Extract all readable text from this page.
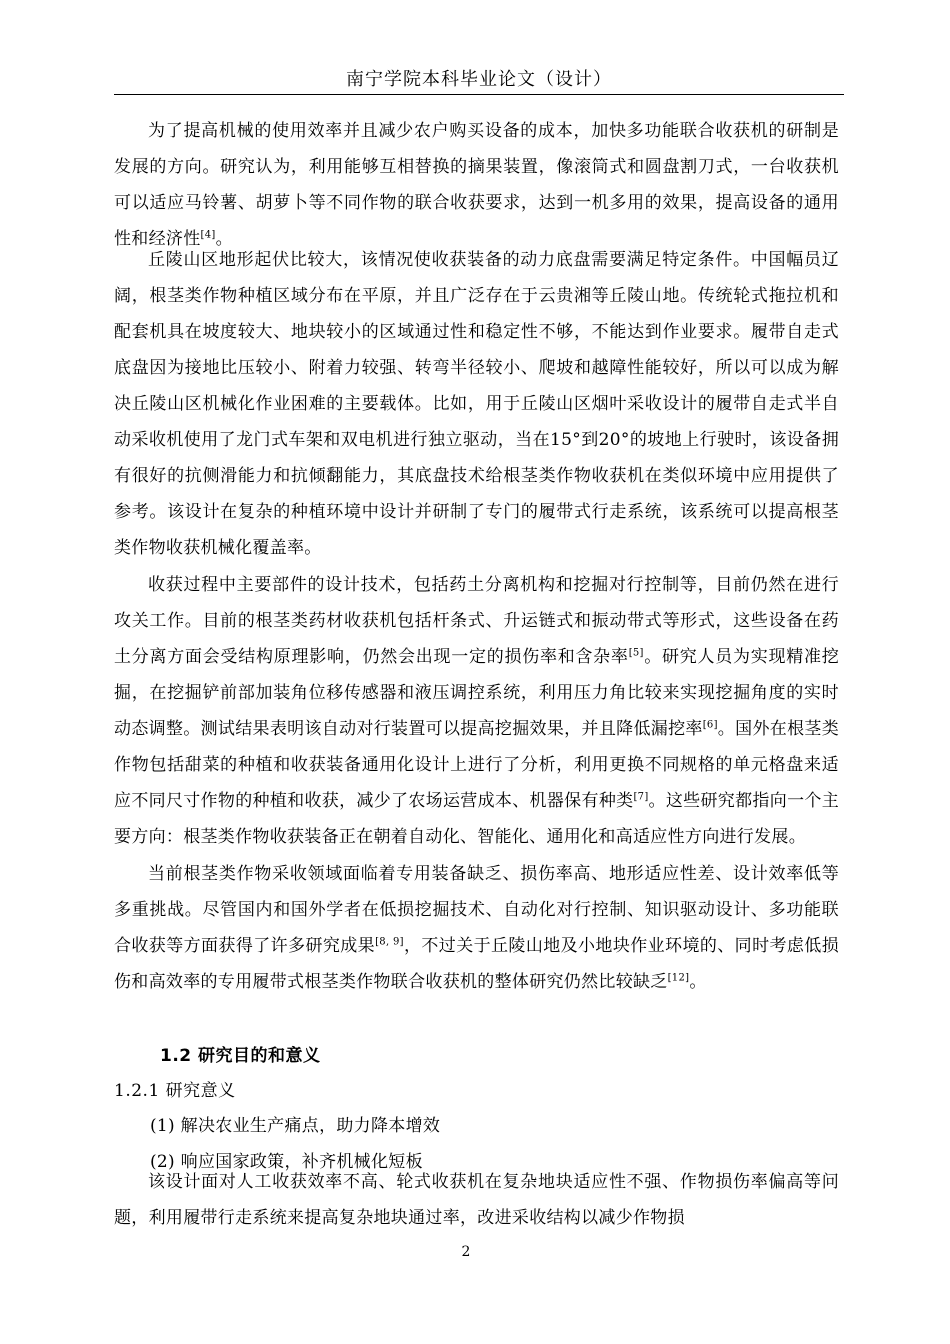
南宁学院本科毕业论文（设计）

为了提高机械的使用效率并且减少农户购买设备的成本，加快多功能联合收获机的研制是发展的方向。研究认为，利用能够互相替换的摘果装置，像滚筒式和圆盘割刀式，一台收获机可以适应马铃薯、胡萝卜等不同作物的联合收获要求，达到一机多用的效果，提高设备的通用性和经济性[4]。

丘陵山区地形起伏比较大，该情况使收获装备的动力底盘需要满足特定条件。中国幅员辽阔，根茎类作物种植区域分布在平原，并且广泛存在于云贵湘等丘陵山地。传统轮式拖拉机和配套机具在坡度较大、地块较小的区域通过性和稳定性不够，不能达到作业要求。履带自走式底盘因为接地比压较小、附着力较强、转弯半径较小、爬坡和越障性能较好，所以可以成为解决丘陵山区机械化作业困难的主要载体。比如，用于丘陵山区烟叶采收设计的履带自走式半自动采收机使用了龙门式车架和双电机进行独立驱动，当在15°到20°的坡地上行驶时，该设备拥有很好的抗侧滑能力和抗倾翻能力，其底盘技术给根茎类作物收获机在类似环境中应用提供了参考。该设计在复杂的种植环境中设计并研制了专门的履带式行走系统，该系统可以提高根茎类作物收获机械化覆盖率。

收获过程中主要部件的设计技术，包括药土分离机构和挖掘对行控制等，目前仍然在进行攻关工作。目前的根茎类药材收获机包括杆条式、升运链式和振动带式等形式，这些设备在药土分离方面会受结构原理影响，仍然会出现一定的损伤率和含杂率[5]。研究人员为实现精准挖掘，在挖掘铲前部加装角位移传感器和液压调控系统，利用压力角比较来实现挖掘角度的实时动态调整。测试结果表明该自动对行装置可以提高挖掘效果，并且降低漏挖率[6]。国外在根茎类作物包括甜菜的种植和收获装备通用化设计上进行了分析，利用更换不同规格的单元格盘来适应不同尺寸作物的种植和收获，减少了农场运营成本、机器保有种类[7]。这些研究都指向一个主要方向：根茎类作物收获装备正在朝着自动化、智能化、通用化和高适应性方向进行发展。

当前根茎类作物采收领域面临着专用装备缺乏、损伤率高、地形适应性差、设计效率低等多重挑战。尽管国内和国外学者在低损挖掘技术、自动化对行控制、知识驱动设计、多功能联合收获等方面获得了许多研究成果[8, 9]，不过关于丘陵山地及小地块作业环境的、同时考虑低损伤和高效率的专用履带式根茎类作物联合收获机的整体研究仍然比较缺乏[12]。

1.2 研究目的和意义
1.2.1 研究意义
(1) 解决农业生产痛点，助力降本增效
(2) 响应国家政策，补齐机械化短板

该设计面对人工收获效率不高、轮式收获机在复杂地块适应性不强、作物损伤率偏高等问题，利用履带行走系统来提高复杂地块通过率，改进采收结构以减少作物损

2
